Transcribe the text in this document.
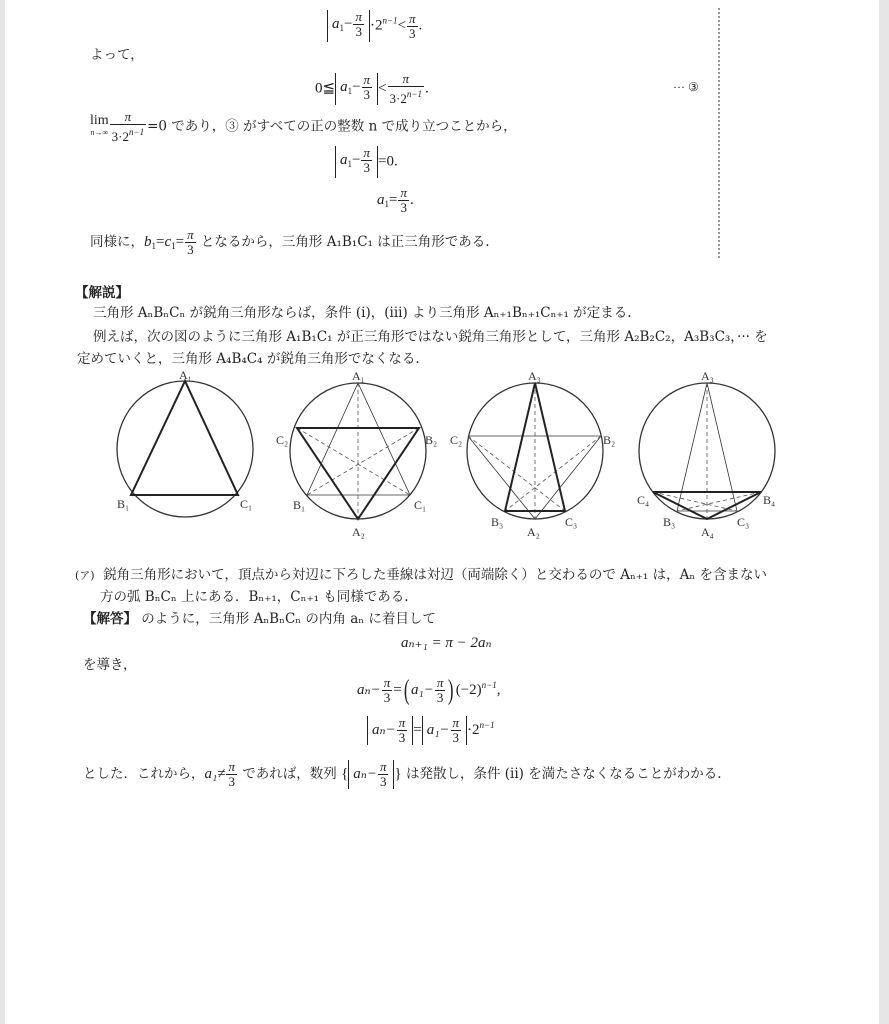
$a_1- \frac{\pi}{3} \cdot 2^{n-1}< \frac{\pi}{3}$ .
よって，
0≦ $a_1- \frac{\pi}{3} < \frac{\pi}{3\cdot 2^{n-1}}$ .	··· ③
lim
$n\to\infty \frac{\pi}{3\cdot 2^{n-1}} =0$ であり，③ がすべての正の整数 n で成り立つことから，
$a_1- \frac{\pi}{3} =0$.
$a_1= \frac{\pi}{3}$ .
同様に，$b_1=c_1= \frac{\pi}{3}$ となるから，三角形 A₁B₁C₁ は正三角形である.
【解説】
三角形 AₙBₙCₙ が鋭角三角形ならば，条件 (i)，(iii) より三角形 Aₙ₊₁Bₙ₊₁Cₙ₊₁ が定まる.
例えば，次の図のように三角形 A₁B₁C₁ が正三角形ではない鋭角三角形として，三角形 A₂B₂C₂，A₃B₃C₃，··· を
定めていくと，三角形 A₄B₄C₄ が鋭角三角形でなくなる.
A₁
B₁	C₁
A₁
C₂	B₂
B₁	C₁
A₂
A₃
C₂	B₂
B₃
A₂
C₃
A₃
C₄	B₄
B₃
A₄
C₃
(ア) 鋭角三角形において，頂点から対辺に下ろした垂線は対辺（両端除く）と交わるので Aₙ₊₁ は，Aₙ を含まない
方の弧 BₙCₙ 上にある．Bₙ₊₁，Cₙ₊₁ も同様である.
【解答】 のように，三角形 AₙBₙCₙ の内角 aₙ に着目して
aₙ₊₁ = π − 2aₙ
を導き，
$a_n- \frac{\pi}{3}$ =( $a_1- \frac{\pi}{3}$ ) $(-2)^{n-1}$,
$a_n- \frac{\pi}{3} = a_1- \frac{\pi}{3} \cdot 2^{n-1}$
とした．これから，$a_1\ne \frac{\pi}{3}$ であれば，数列 { $a_n- \frac{\pi}{3}$ } は発散し，条件 (ii) を満たさなくなることがわかる.
